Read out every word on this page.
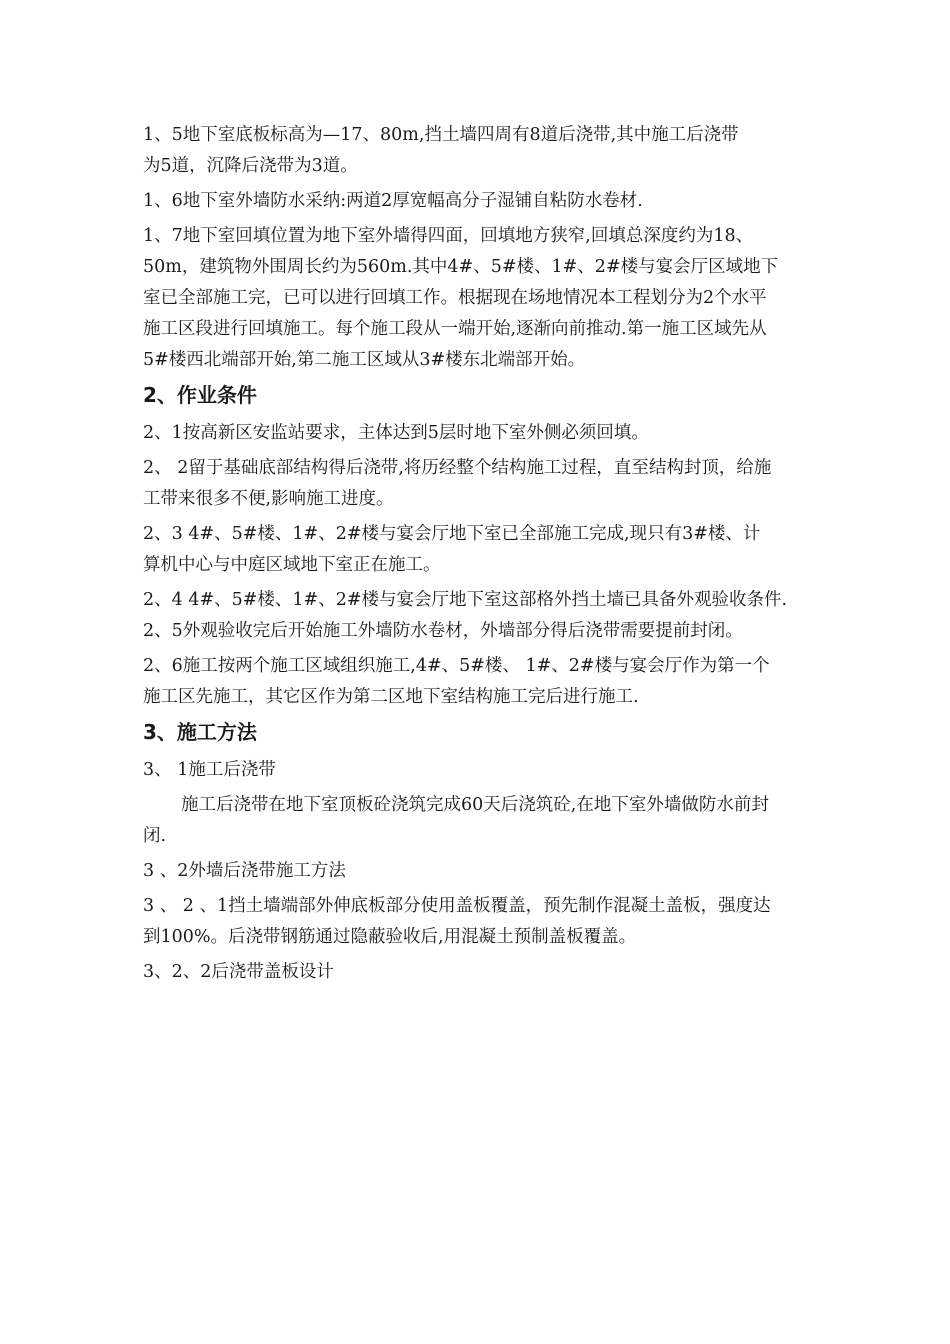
1、5地下室底板标高为—17、80m,挡土墙四周有8道后浇带,其中施工后浇带
为5道，沉降后浇带为3道。
1、6地下室外墙防水采纳:两道2厚宽幅高分子湿铺自粘防水卷材.
1、7地下室回填位置为地下室外墙得四面，回填地方狭窄,回填总深度约为18、
50m，建筑物外围周长约为560m.其中4#、5#楼、1#、2#楼与宴会厅区域地下
室已全部施工完，已可以进行回填工作。根据现在场地情况本工程划分为2个水平
施工区段进行回填施工。每个施工段从一端开始,逐渐向前推动.第一施工区域先从
5#楼西北端部开始,第二施工区域从3#楼东北端部开始。
2、作业条件
2、1按高新区安监站要求，主体达到5层时地下室外侧必须回填。
2、 2留于基础底部结构得后浇带,将历经整个结构施工过程，直至结构封顶，给施
工带来很多不便,影响施工进度。
2、3 4#、5#楼、1#、2#楼与宴会厅地下室已全部施工完成,现只有3#楼、计
算机中心与中庭区域地下室正在施工。
2、4 4#、5#楼、1#、2#楼与宴会厅地下室这部格外挡土墙已具备外观验收条件.
2、5外观验收完后开始施工外墙防水卷材，外墙部分得后浇带需要提前封闭。
2、6施工按两个施工区域组织施工,4#、5#楼、 1#、2#楼与宴会厅作为第一个
施工区先施工，其它区作为第二区地下室结构施工完后进行施工.
3、施工方法
3、 1施工后浇带
施工后浇带在地下室顶板砼浇筑完成60天后浇筑砼,在地下室外墙做防水前封
闭.
3 、2外墙后浇带施工方法
3 、 2 、1挡土墙端部外伸底板部分使用盖板覆盖，预先制作混凝土盖板，强度达
到100%。后浇带钢筋通过隐蔽验收后,用混凝土预制盖板覆盖。
3、2、2后浇带盖板设计
